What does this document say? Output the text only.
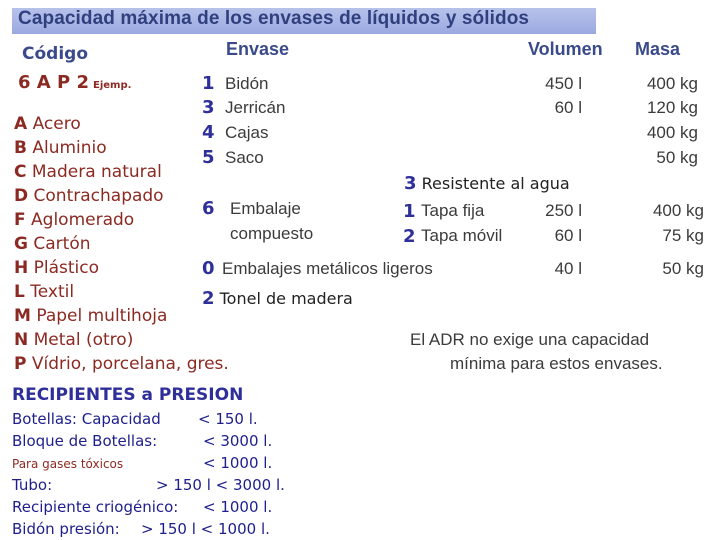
Capacidad máxima de los envases de líquidos y sólidos
Código	Envase	Volumen Masa
6 A P 2 Ejemp.
A Acero
B Aluminio
C Madera natural
D Contrachapado
F Aglomerado
G Cartón
H Plástico
L Textil
M Papel multihoja
N Metal (otro)
P Vídrio, porcelana, gres.
1 Bidón	450 l	400 kg
3 Jerricán	60 l	120 kg
4 Cajas	400 kg
5 Saco	50 kg
3 Resistente al agua
6 Embalaje
compuesto
1 Tapa fija	250 l	400 kg
2 Tapa móvil	60 l	75 kg
0 Embalajes metálicos ligeros	40 l	50 kg
2 Tonel de madera
El ADR no exige una capacidad
mínima para estos envases.
RECIPIENTES a PRESION
Botellas: Capacidad < 150 l.
Bloque de Botellas:	< 3000 l.
Para gases tóxicos	< 1000 l.
Tubo:	> 150 l < 3000 l.
Recipiente criogénico: < 1000 l.
Bidón presión: > 150 l < 1000 l.
